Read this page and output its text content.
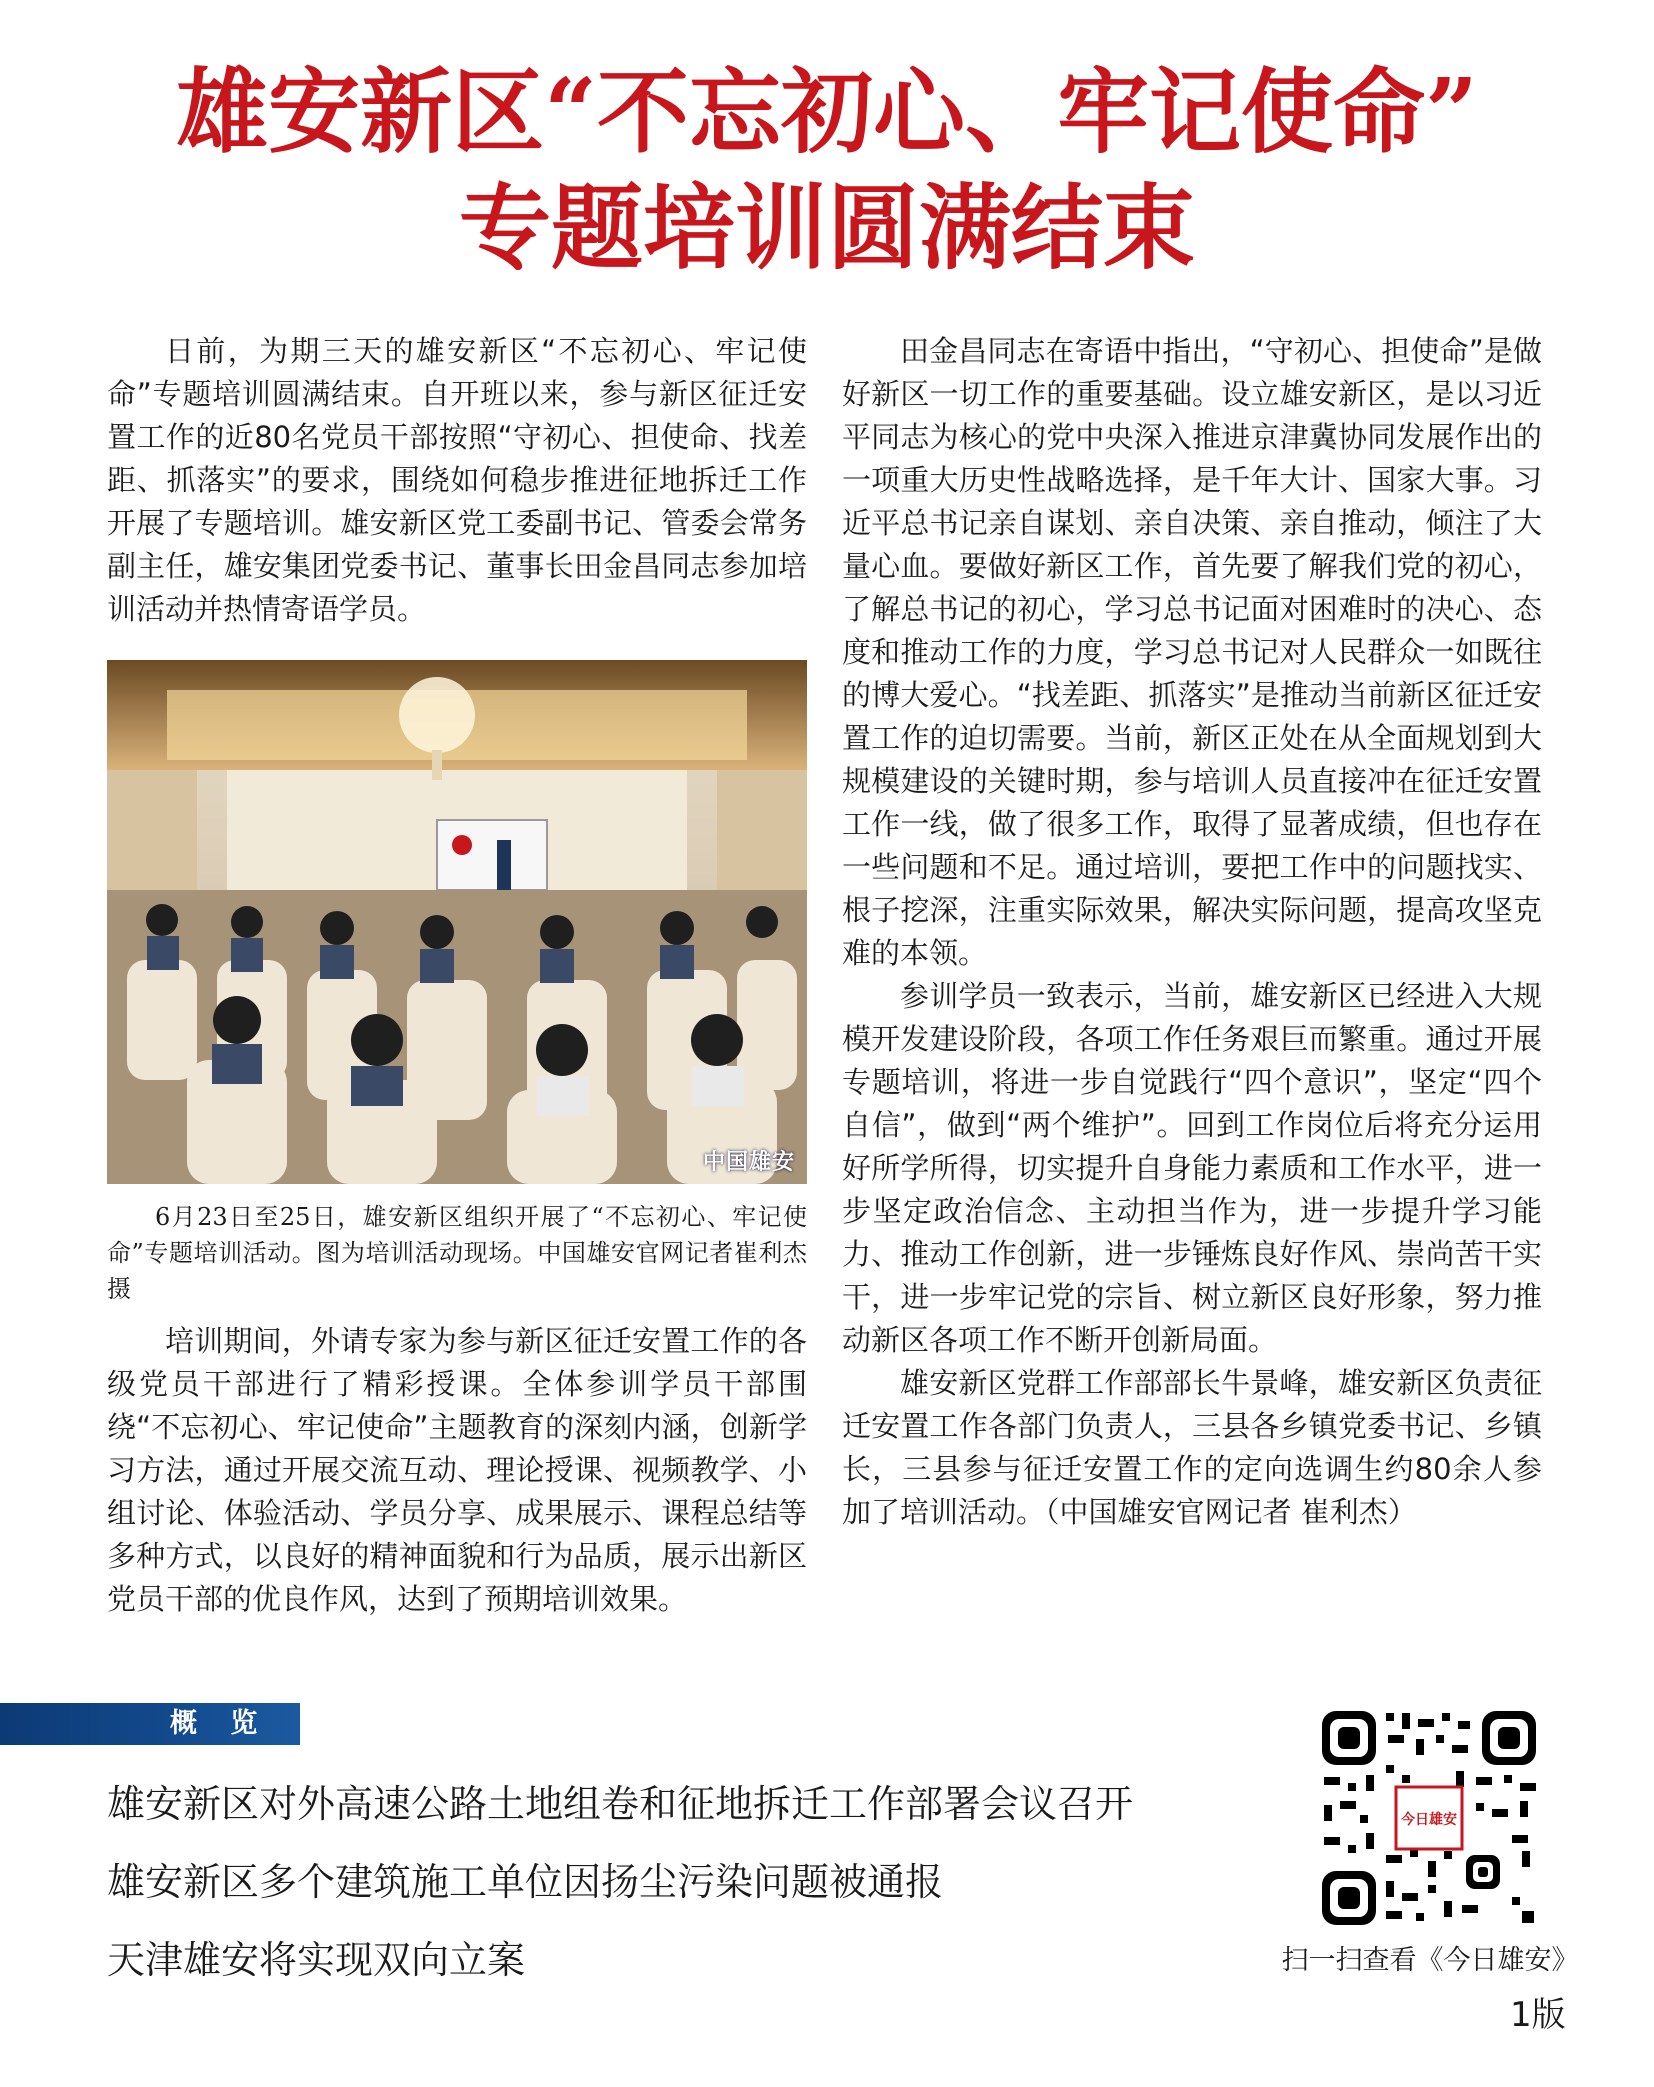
雄安新区“不忘初心、牢记使命”
专题培训圆满结束

日前，为期三天的雄安新区“不忘初心、牢记使命”专题培训圆满结束。自开班以来，参与新区征迁安置工作的近80名党员干部按照“守初心、担使命、找差距、抓落实”的要求，围绕如何稳步推进征地拆迁工作开展了专题培训。雄安新区党工委副书记、管委会常务副主任，雄安集团党委书记、董事长田金昌同志参加培训活动并热情寄语学员。

中国雄安

6月23日至25日，雄安新区组织开展了“不忘初心、牢记使命”专题培训活动。图为培训活动现场。中国雄安官网记者崔利杰 摄

培训期间，外请专家为参与新区征迁安置工作的各级党员干部进行了精彩授课。全体参训学员干部围绕“不忘初心、牢记使命”主题教育的深刻内涵，创新学习方法，通过开展交流互动、理论授课、视频教学、小组讨论、体验活动、学员分享、成果展示、课程总结等多种方式，以良好的精神面貌和行为品质，展示出新区党员干部的优良作风，达到了预期培训效果。

田金昌同志在寄语中指出，“守初心、担使命”是做好新区一切工作的重要基础。设立雄安新区，是以习近平同志为核心的党中央深入推进京津冀协同发展作出的一项重大历史性战略选择，是千年大计、国家大事。习近平总书记亲自谋划、亲自决策、亲自推动，倾注了大量心血。要做好新区工作，首先要了解我们党的初心，了解总书记的初心，学习总书记面对困难时的决心、态度和推动工作的力度，学习总书记对人民群众一如既往的博大爱心。“找差距、抓落实”是推动当前新区征迁安置工作的迫切需要。当前，新区正处在从全面规划到大规模建设的关键时期，参与培训人员直接冲在征迁安置工作一线，做了很多工作，取得了显著成绩，但也存在一些问题和不足。通过培训，要把工作中的问题找实、根子挖深，注重实际效果，解决实际问题，提高攻坚克难的本领。

参训学员一致表示，当前，雄安新区已经进入大规模开发建设阶段，各项工作任务艰巨而繁重。通过开展专题培训，将进一步自觉践行“四个意识”，坚定“四个自信”，做到“两个维护”。回到工作岗位后将充分运用好所学所得，切实提升自身能力素质和工作水平，进一步坚定政治信念、主动担当作为，进一步提升学习能力、推动工作创新，进一步锤炼良好作风、崇尚苦干实干，进一步牢记党的宗旨、树立新区良好形象，努力推动新区各项工作不断开创新局面。

雄安新区党群工作部部长牛景峰，雄安新区负责征迁安置工作各部门负责人，三县各乡镇党委书记、乡镇长，三县参与征迁安置工作的定向选调生约80余人参加了培训活动。（中国雄安官网记者 崔利杰）

概 览

雄安新区对外高速公路土地组卷和征地拆迁工作部署会议召开

雄安新区多个建筑施工单位因扬尘污染问题被通报

天津雄安将实现双向立案

今日雄安
扫一扫查看《今日雄安》
1版
